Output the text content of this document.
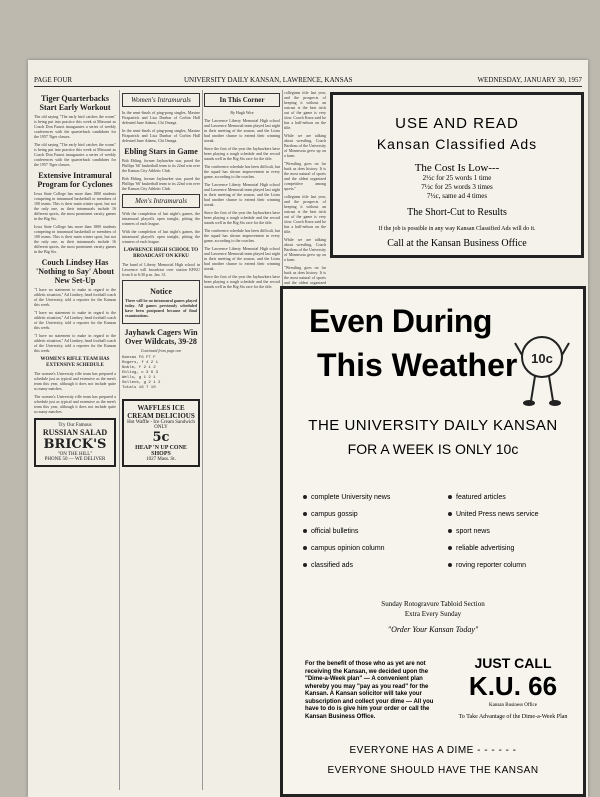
PAGE FOUR	UNIVERSITY DAILY KANSAN, LAWRENCE, KANSAS	WEDNESDAY, JANUARY 30, 1957
Tiger Quarterbacks Start Early Workout

The old saying "The early bird catches the worm" is being put into practice this week at Missouri as Coach Don Faurot inaugurates a series of weekly conferences with the quarterback candidates for the 1957 Tiger classes.

The old saying "The early bird catches the worm" is being put into practice this week at Missouri as Coach Don Faurot inaugurates a series of weekly conferences with the quarterback candidates for the 1957 Tiger classes.

Extensive Intramural Program for Cyclones

Iowa State College has more than 1800 students competing in intramural basketball or members of 100 teams. This is their main winter sport, but not the only one, as their intramurals include 16 different sports, the most prominent varsity games in the Big Six.

Iowa State College has more than 1800 students competing in intramural basketball or members of 100 teams. This is their main winter sport, but not the only one, as their intramurals include 16 different sports, the most prominent varsity games in the Big Six.

Couch Lindsey Has 'Nothing to Say' About New Set-Up

"I have no statement to make in regard to the athletic situation," Ad Lindsey, head football coach of the University, told a reporter for the Kansan this week.

"I have no statement to make in regard to the athletic situation," Ad Lindsey, head football coach of the University, told a reporter for the Kansan this week.

"I have no statement to make in regard to the athletic situation," Ad Lindsey, head football coach of the University, told a reporter for the Kansan this week.

WOMEN'S RIFLE TEAM HAS EXTENSIVE SCHEDULE

The women's University rifle team has prepared a schedule just as typical and extensive as the men's team this year, although it does not include quite so many matches.

The women's University rifle team has prepared a schedule just as typical and extensive as the men's team this year, although it does not include quite so many matches.

Try Our Famous
RUSSIAN SALAD
BRICK'S
"ON THE HILL"
PHONE 50 — WE DELIVER
Women's Intramurals

In the semi-finals of ping-pong singles, Maxine Fitzpatrick and Lisa Dunbar of Corbin Hall defeated June Adams, Chi Omega.

In the semi-finals of ping-pong singles, Maxine Fitzpatrick and Lisa Dunbar of Corbin Hall defeated June Adams, Chi Omega.

Ebling Stars in Game

Bob Ebling, former Jayhawker star, paced the Phillips '66' basketball team to its 22nd win over the Kansas City Athletic Club.

Bob Ebling, former Jayhawker star, paced the Phillips '66' basketball team to its 22nd win over the Kansas City Athletic Club.

Men's Intramurals

With the completion of last night's games, the intramural playoffs open tonight, pitting the winners of each league.

With the completion of last night's games, the intramural playoffs open tonight, pitting the winners of each league.

LAWRENCE HIGH SCHOOL TO BROADCAST ON KFKU

The band of Liberty Memorial High school in Lawrence will broadcast over station KFKU from 6 to 6:30 p.m. Jan. 31.

Notice

There will be no intramural games played today. All games previously scheduled have been postponed because of final examinations.

Jayhawk Cagers Win Over Wildcats, 39-28

Continued from page one

Kansas FG FT F
Rogers, f 4 2 1
Noble, f 2 1 2
Ebling, c 3 0 3
Wells, g 1 2 1
Selleck, g 2 1 2
Totals 16 7 10
WAFFLES ICE CREAM DELICIOUS
Hot Waffle - Ice Cream Sandwich ONLY
5c
HEAP 'N UP CONE SHOPS
1027 Mass. St.
In This Corner

By Hugh Wire

The Lawrence Liberty Memorial High school and Lawrence Memorial team played last night in their meeting of the season, and the Lions had another chance to extend their winning streak.

Since the first of the year the Jayhawkers have been playing a tough schedule and the record stands well in the Big Six race for the title.

The conference schedule has been difficult, but the squad has shown improvement in every game, according to the coaches.

The Lawrence Liberty Memorial High school and Lawrence Memorial team played last night in their meeting of the season, and the Lions had another chance to extend their winning streak.

Since the first of the year the Jayhawkers have been playing a tough schedule and the record stands well in the Big Six race for the title.

The conference schedule has been difficult, but the squad has shown improvement in every game, according to the coaches.

The Lawrence Liberty Memorial High school and Lawrence Memorial team played last night in their meeting of the season, and the Lions had another chance to extend their winning streak.

Since the first of the year the Jayhawkers have been playing a tough schedule and the record stands well in the Big Six race for the title.

collegians title last year, and the prospects of keeping it without an outcast is the best trick out of the game is very slow. Coach Knox said he has a half-nelson on the title.

While we are talking about wrestling, Coach Bartleau of the University of Minnesota grew up on a farm.

"Wrestling goes on far back as does history. It is the most natural of sports and the oldest organized competitive among sports."

collegians title last year, and the prospects of keeping it without an outcast is the best trick out of the game is very slow. Coach Knox said he has a half-nelson on the title.

While we are talking about wrestling, Coach Bartleau of the University of Minnesota grew up on a farm.

"Wrestling goes on far back as does history. It is the most natural of sports and the oldest organized

USE AND READ
Kansan Classified Ads
The Cost Is Low---
2½c for 25 words 1 time
7½c for 25 words 3 times
7½c, same ad 4 times
The Short-Cut to Results
If the job is possible in any way Kansan Classified Ads will do it.
Call at the Kansan Business Office
Even During
This Weather 10c
THE UNIVERSITY DAILY KANSAN
FOR A WEEK IS ONLY 10c
complete University news
campus gossip
official bulletins
campus opinion column
classified ads
featured articles
United Press news service
sport news
reliable advertising
roving reporter column
Sunday Rotogravure Tabloid Section
Extra Every Sunday
"Order Your Kansan Today"
For the benefit of those who as yet are not receiving the Kansan, we decided upon the "Dime-a-Week plan" — A convenient plan whereby you may "pay as you read" for the Kansan. A Kansan solicitor will take your subscription and collect your dime — All you have to do is give him your order or call the Kansan Business Office.
JUST CALL
K.U. 66
Kansan Business Office
To Take Advantage of the Dime-a-Week Plan
EVERYONE HAS A DIME - - - - - -
EVERYONE SHOULD HAVE THE KANSAN
